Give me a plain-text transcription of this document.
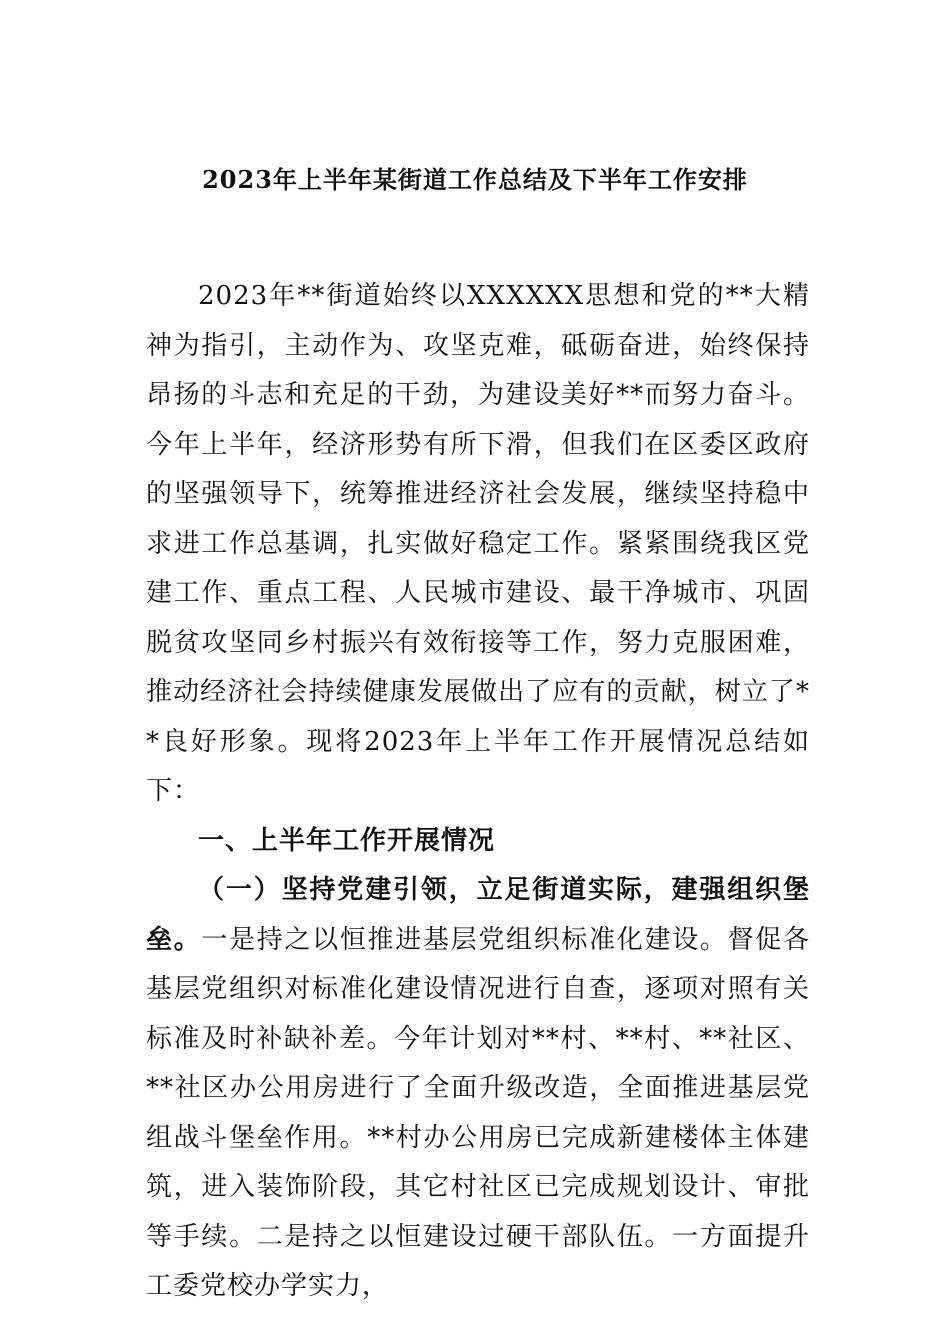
2023年上半年某街道工作总结及下半年工作安排

2023年**街道始终以XXXXXX思想和党的**大精神为指引，主动作为、攻坚克难，砥砺奋进，始终保持昂扬的斗志和充足的干劲，为建设美好**而努力奋斗。今年上半年，经济形势有所下滑，但我们在区委区政府的坚强领导下，统筹推进经济社会发展，继续坚持稳中求进工作总基调，扎实做好稳定工作。紧紧围绕我区党建工作、重点工程、人民城市建设、最干净城市、巩固脱贫攻坚同乡村振兴有效衔接等工作，努力克服困难，推动经济社会持续健康发展做出了应有的贡献，树立了**良好形象。现将2023年上半年工作开展情况总结如下：

一、上半年工作开展情况

（一）坚持党建引领，立足街道实际，建强组织堡垒。一是持之以恒推进基层党组织标准化建设。督促各基层党组织对标准化建设情况进行自查，逐项对照有关标准及时补缺补差。今年计划对**村、**村、**社区、**社区办公用房进行了全面升级改造，全面推进基层党组战斗堡垒作用。**村办公用房已完成新建楼体主体建筑，进入装饰阶段，其它村社区已完成规划设计、审批等手续。二是持之以恒建设过硬干部队伍。一方面提升工委党校办学实力，
